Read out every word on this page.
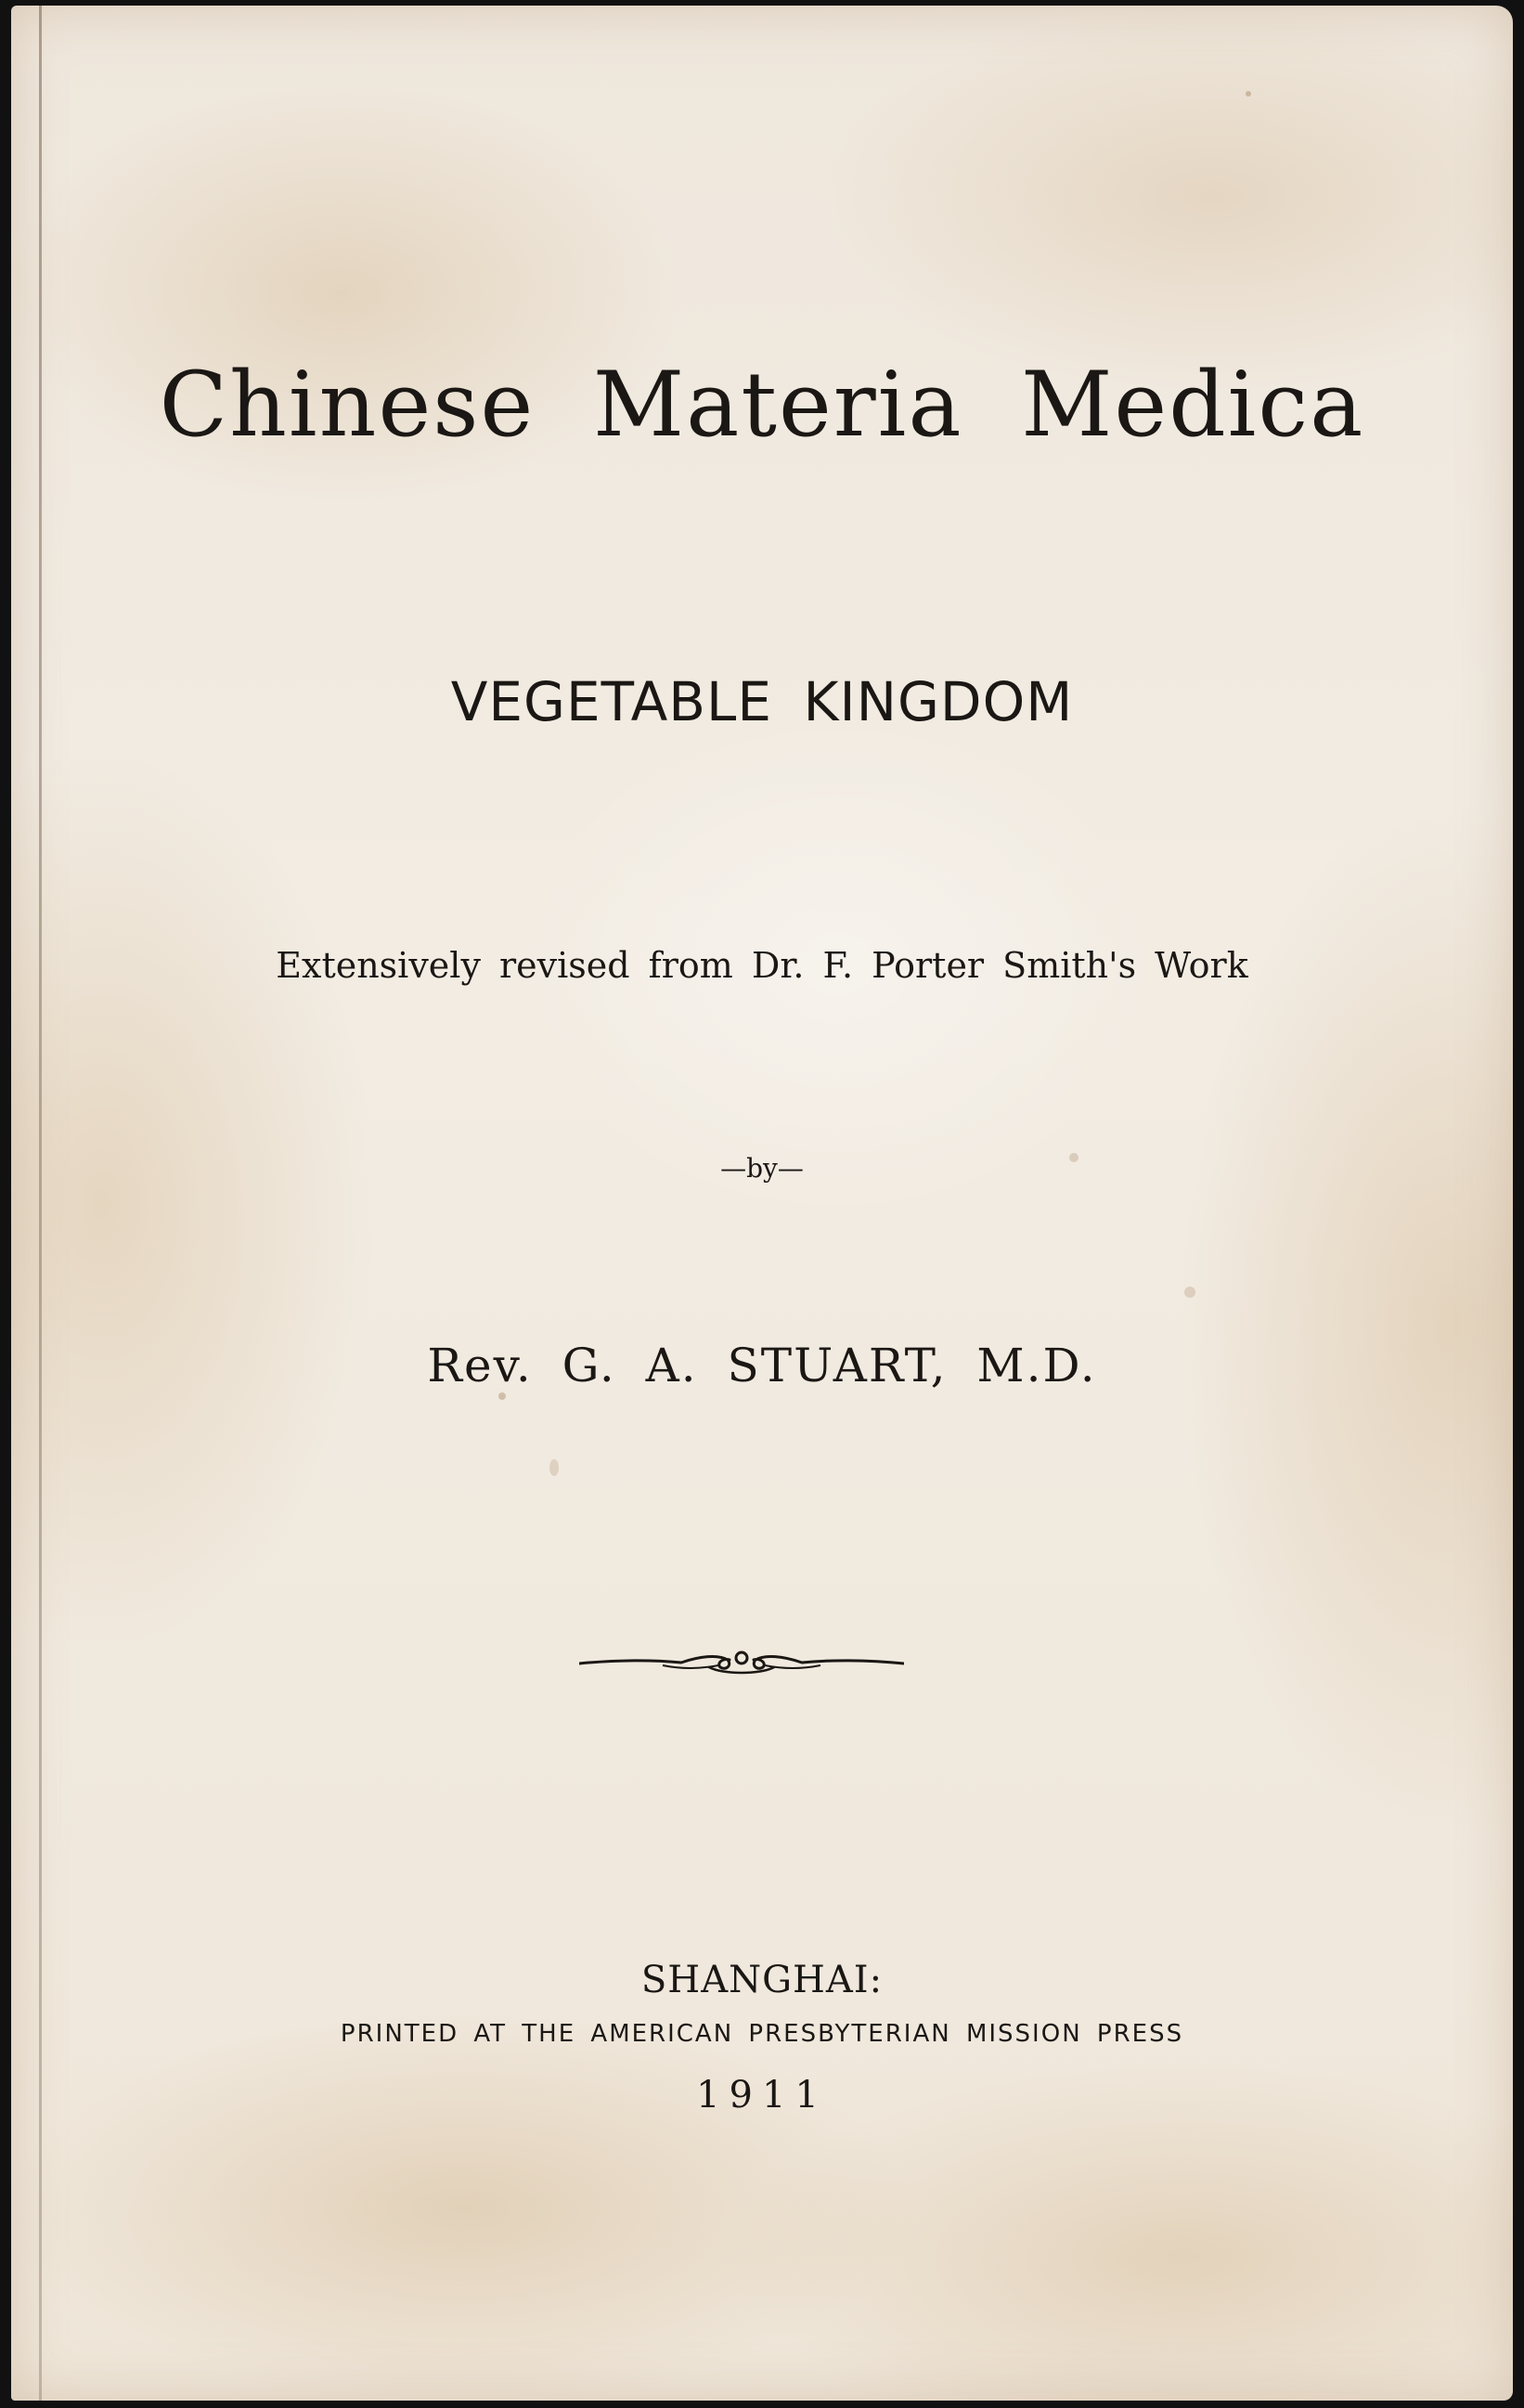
Chinese Materia Medica
VEGETABLE KINGDOM
Extensively revised from Dr. F. Porter Smith's Work
—by—
Rev. G. A. STUART, M.D.
SHANGHAI:
PRINTED AT THE AMERICAN PRESBYTERIAN MISSION PRESS
1911
